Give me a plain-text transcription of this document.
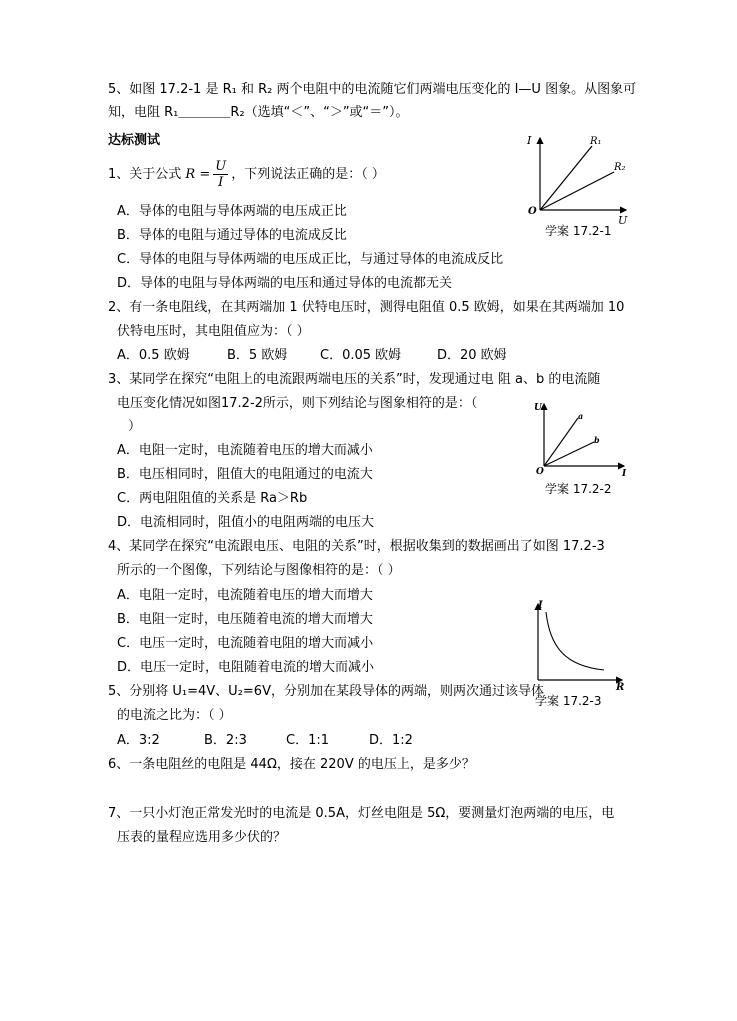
5、如图 17.2-1 是 R₁ 和 R₂ 两个电阻中的电流随它们两端电压变化的 I—U 图象。从图象可
知，电阻 R₁＿＿＿＿R₂（选填“＜”、“＞”或“＝”）。
达标测试
1、关于公式 $R = \frac{U}{I}$ ，下列说法正确的是：（ ）
A．导体的电阻与导体两端的电压成正比
B．导体的电阻与通过导体的电流成反比
C．导体的电阻与导体两端的电压成正比，与通过导体的电流成反比
D．导体的电阻与导体两端的电压和通过导体的电流都无关
2、有一条电阻线，在其两端加 1 伏特电压时，测得电阻值 0.5 欧姆，如果在其两端加 10
伏特电压时，其电阻值应为：（ ）
A．0.5 欧姆	B．5 欧姆	C．0.05 欧姆	D．20 欧姆
3、某同学在探究“电阻上的电流跟两端电压的关系”时，发现通过电 阻 a、b 的电流随
电压变化情况如图17.2-2所示，则下列结论与图象相符的是：（
）
A．电阻一定时，电流随着电压的增大而减小
B．电压相同时，阻值大的电阻通过的电流大
C．两电阻阻值的关系是 Ra＞Rb
D．电流相同时，阻值小的电阻两端的电压大
4、某同学在探究“电流跟电压、电阻的关系”时，根据收集到的数据画出了如图 17.2-3
所示的一个图像，下列结论与图像相符的是：（ ）
A．电阻一定时，电流随着电压的增大而增大
B．电阻一定时，电压随着电流的增大而增大
C．电压一定时，电流随着电阻的增大而减小
D．电压一定时，电阻随着电流的增大而减小
5、分别将 U₁=4V、U₂=6V，分别加在某段导体的两端，则两次通过该导体
的电流之比为：（ ）
A．3:2	B．2:3	C．1:1	D．1:2
6、一条电阻丝的电阻是 44Ω，接在 220V 的电压上，是多少？
7、一只小灯泡正常发光时的电流是 0.5A，灯丝电阻是 5Ω，要测量灯泡两端的电压，电
压表的量程应选用多少伏的？
I
U
O
R₁
R₂
学案 17.2-1
U
I
O
a
b
学案 17.2-2
I
R
学案 17.2-3
